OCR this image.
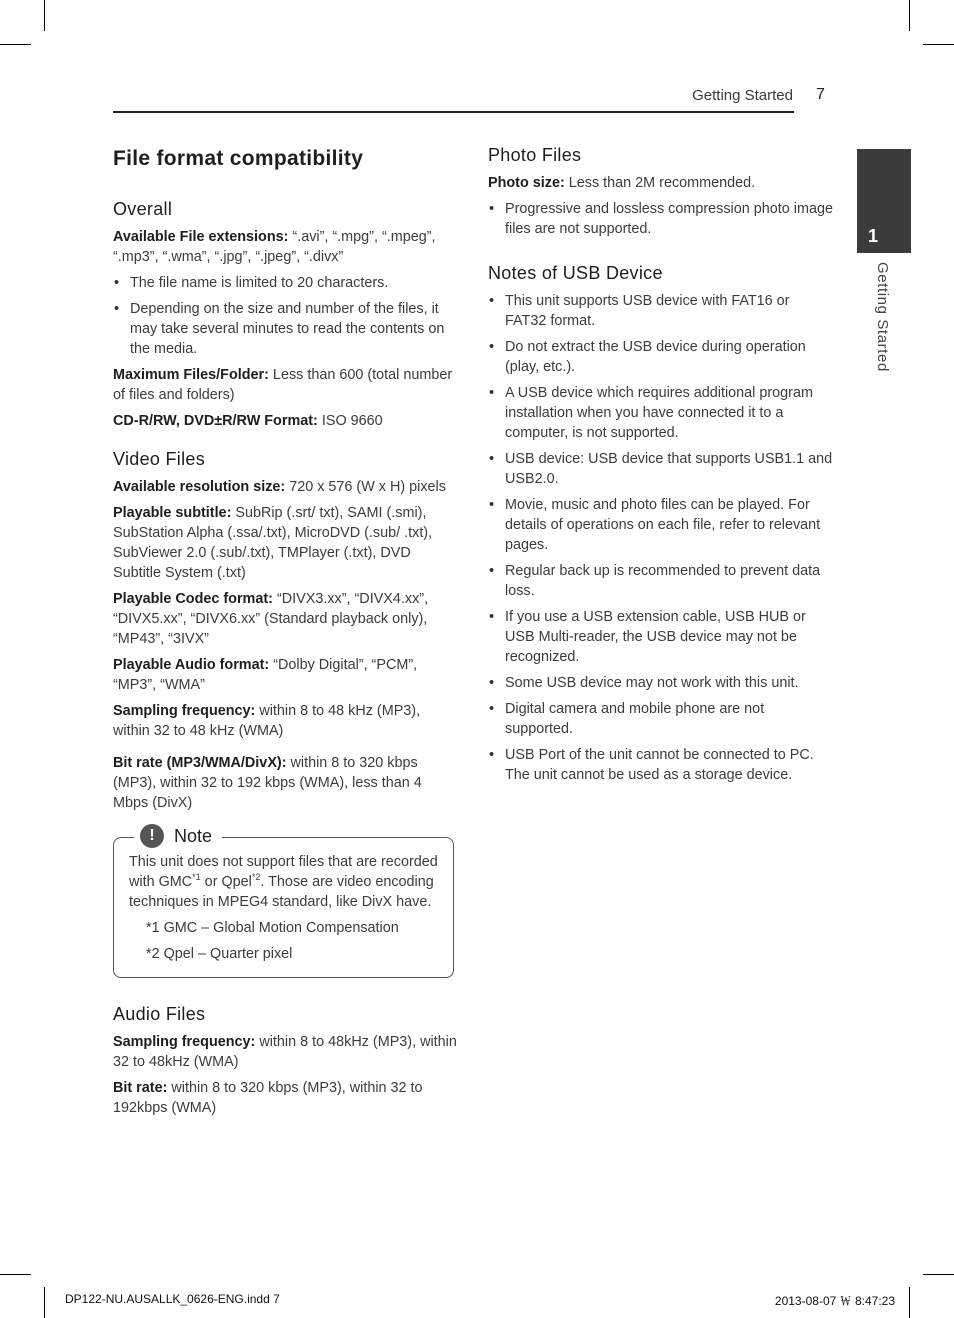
Getting Started 7
1
Getting Started
File format compatibility
Overall

Available File extensions: “.avi”, “.mpg”, “.mpeg”, “.mp3”, “.wma”, “.jpg”, “.jpeg”, “.divx”

• The file name is limited to 20 characters.
• Depending on the size and number of the files, it may take several minutes to read the contents on the media.

Maximum Files/Folder: Less than 600 (total number of files and folders)

CD-R/RW, DVD±R/RW Format: ISO 9660

Video Files

Available resolution size: 720 x 576 (W x H) pixels

Playable subtitle: SubRip (.srt/ txt), SAMI (.smi), SubStation Alpha (.ssa/.txt), MicroDVD (.sub/ .txt), SubViewer 2.0 (.sub/.txt), TMPlayer (.txt), DVD Subtitle System (.txt)

Playable Codec format: “DIVX3.xx”, “DIVX4.xx”, “DIVX5.xx”, “DIVX6.xx” (Standard playback only), “MP43”, “3IVX”

Playable Audio format: “Dolby Digital”, “PCM”, “MP3”, “WMA”

Sampling frequency: within 8 to 48 kHz (MP3), within 32 to 48 kHz (WMA)

Bit rate (MP3/WMA/DivX): within 8 to 320 kbps (MP3), within 32 to 192 kbps (WMA), less than 4 Mbps (DivX)

!	Note

This unit does not support files that are recorded with GMC$^{*1}$ or Qpel$^{*2}$. Those are video encoding techniques in MPEG4 standard, like DivX have.

*1 GMC – Global Motion Compensation

*2 Qpel – Quarter pixel

Audio Files

Sampling frequency: within 8 to 48kHz (MP3), within 32 to 48kHz (WMA)

Bit rate: within 8 to 320 kbps (MP3), within 32 to 192kbps (WMA)

Photo Files

Photo size: Less than 2M recommended.

• Progressive and lossless compression photo image files are not supported.
Notes of USB Device
• This unit supports USB device with FAT16 or FAT32 format.
• Do not extract the USB device during operation (play, etc.).
• A USB device which requires additional program installation when you have connected it to a computer, is not supported.
• USB device: USB device that supports USB1.1 and USB2.0.
• Movie, music and photo files can be played. For details of operations on each file, refer to relevant pages.
• Regular back up is recommended to prevent data loss.
• If you use a USB extension cable, USB HUB or USB Multi-reader, the USB device may not be recognized.
• Some USB device may not work with this unit.
• Digital camera and mobile phone are not supported.
• USB Port of the unit cannot be connected to PC. The unit cannot be used as a storage device.
DP122-NU.AUSALLK_0626-ENG.indd 7	2013-08-07 ￦ 8:47:23
